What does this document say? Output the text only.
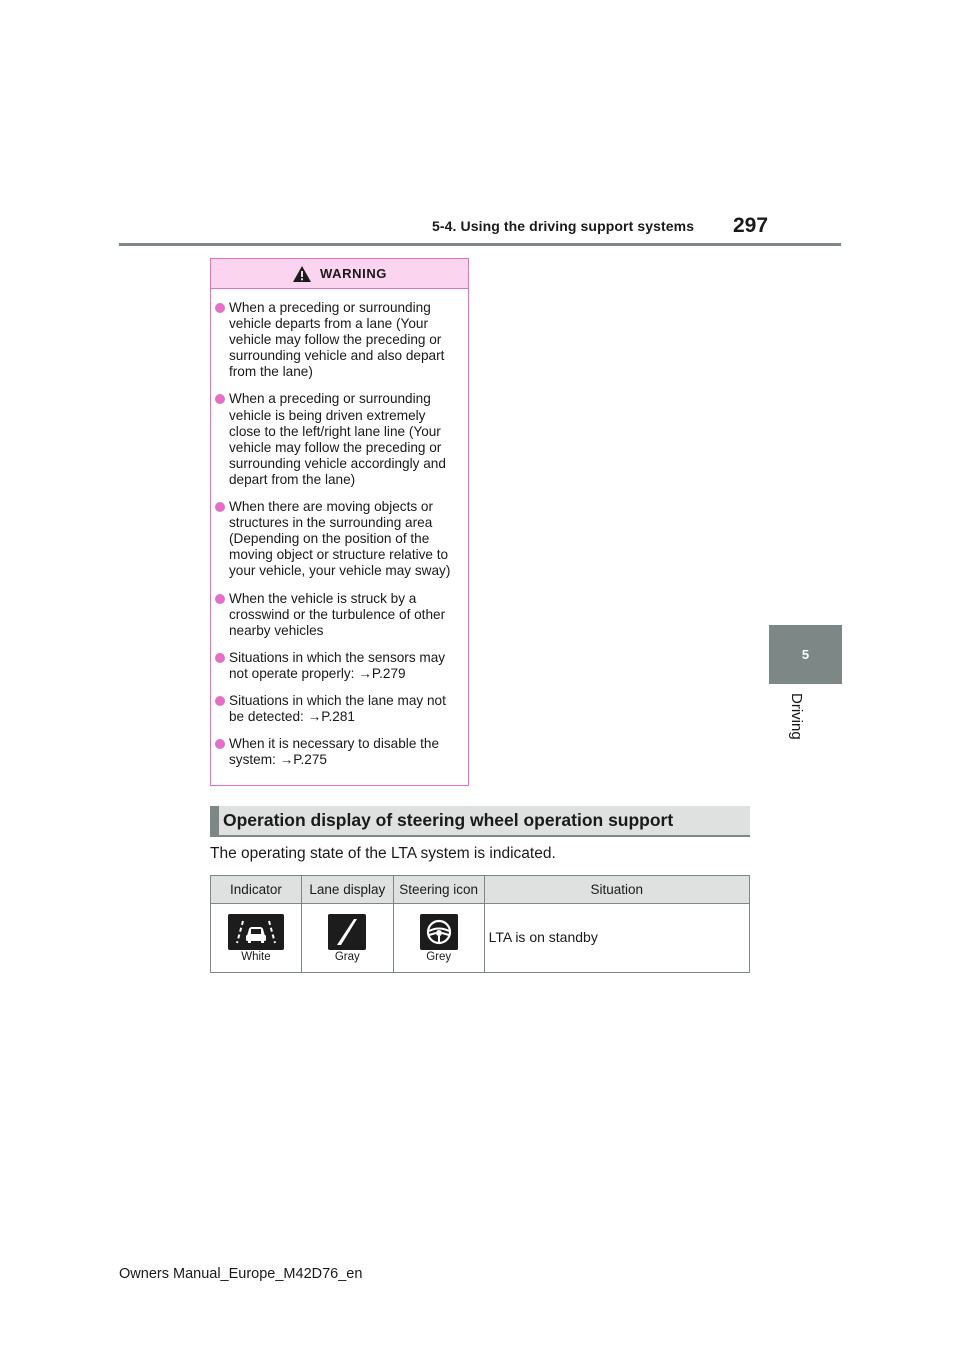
5-4. Using the driving support systems	297
5
Driving
WARNING
When a preceding or surrounding vehicle departs from a lane (Your vehicle may follow the preceding or surrounding vehicle and also depart from the lane)
When a preceding or surrounding vehicle is being driven extremely close to the left/right lane line (Your vehicle may follow the preceding or surrounding vehicle accordingly and depart from the lane)
When there are moving objects or structures in the surrounding area (Depending on the position of the moving object or structure relative to your vehicle, your vehicle may sway)
When the vehicle is struck by a crosswind or the turbulence of other nearby vehicles
Situations in which the sensors may not operate properly: →P.279
Situations in which the lane may not be detected: →P.281
When it is necessary to disable the system: →P.275
Operation display of steering wheel operation support
The operating state of the LTA system is indicated.
Indicator	Lane display	Steering icon	Situation

White	Gray	Grey	LTA is on standby
Owners Manual_Europe_M42D76_en
